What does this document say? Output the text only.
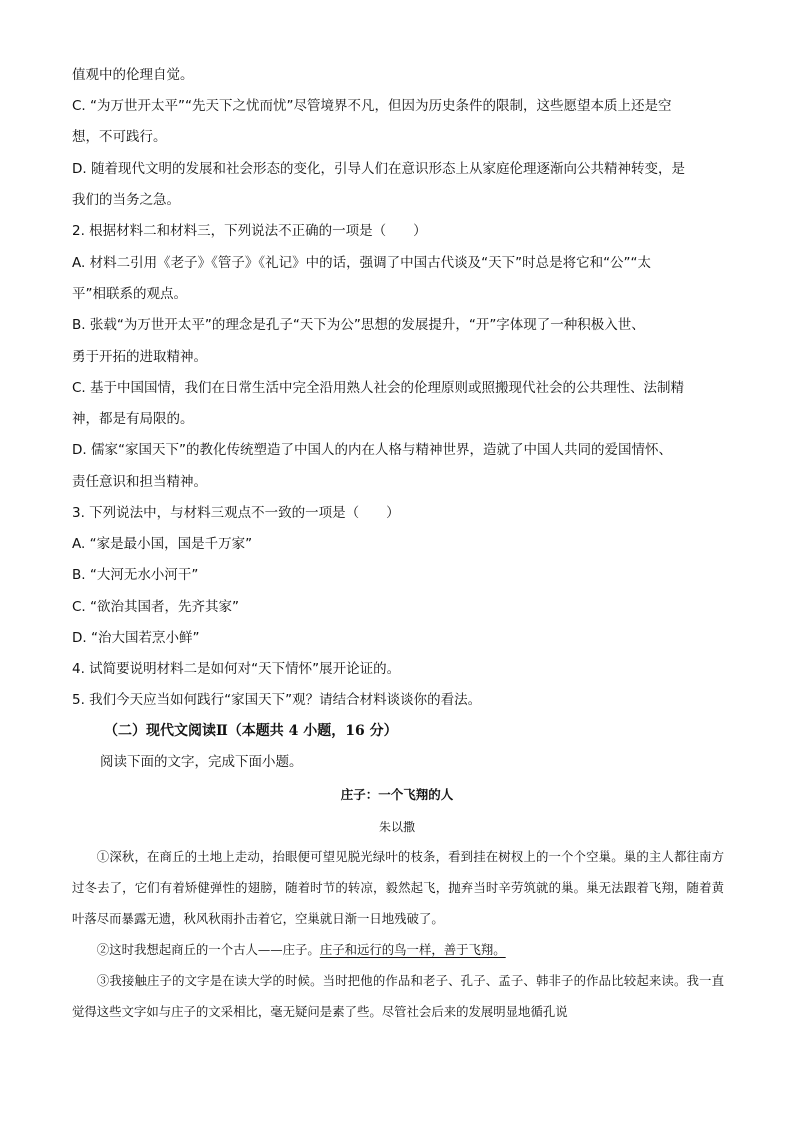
值观中的伦理自觉。
C. “为万世开太平”“先天下之忧而忧”尽管境界不凡，但因为历史条件的限制，这些愿望本质上还是空
想，不可践行。
D. 随着现代文明的发展和社会形态的变化，引导人们在意识形态上从家庭伦理逐渐向公共精神转变，是
我们的当务之急。
2. 根据材料二和材料三，下列说法不正确的一项是（　　）
A. 材料二引用《老子》《管子》《礼记》中的话，强调了中国古代谈及“天下”时总是将它和“公”“太
平”相联系的观点。
B. 张载“为万世开太平”的理念是孔子“天下为公”思想的发展提升，“开”字体现了一种积极入世、
勇于开拓的进取精神。
C. 基于中国国情，我们在日常生活中完全沿用熟人社会的伦理原则或照搬现代社会的公共理性、法制精
神，都是有局限的。
D. 儒家“家国天下”的教化传统塑造了中国人的内在人格与精神世界，造就了中国人共同的爱国情怀、
责任意识和担当精神。
3. 下列说法中，与材料三观点不一致的一项是（　　）
A. “家是最小国，国是千万家”
B. “大河无水小河干”
C. “欲治其国者，先齐其家”
D. “治大国若烹小鲜”
4. 试简要说明材料二是如何对“天下情怀”展开论证的。
5. 我们今天应当如何践行“家国天下”观？请结合材料谈谈你的看法。
（二）现代文阅读Ⅱ（本题共 4 小题，16 分）
阅读下面的文字，完成下面小题。
庄子：一个飞翔的人
朱以撒
①深秋，在商丘的土地上走动，抬眼便可望见脱光绿叶的枝条，看到挂在树杈上的一个个空巢。巢的主人都往南方过冬去了，它们有着矫健弹性的翅膀，随着时节的转凉，毅然起飞，抛弃当时辛劳筑就的巢。巢无法跟着飞翔，随着黄叶落尽而暴露无遗，秋风秋雨扑击着它，空巢就日渐一日地残破了。
②这时我想起商丘的一个古人——庄子。庄子和远行的鸟一样，善于飞翔。
③我接触庄子的文字是在读大学的时候。当时把他的作品和老子、孔子、孟子、韩非子的作品比较起来读。我一直觉得这些文字如与庄子的文采相比，毫无疑问是素了些。尽管社会后来的发展明显地循孔说
